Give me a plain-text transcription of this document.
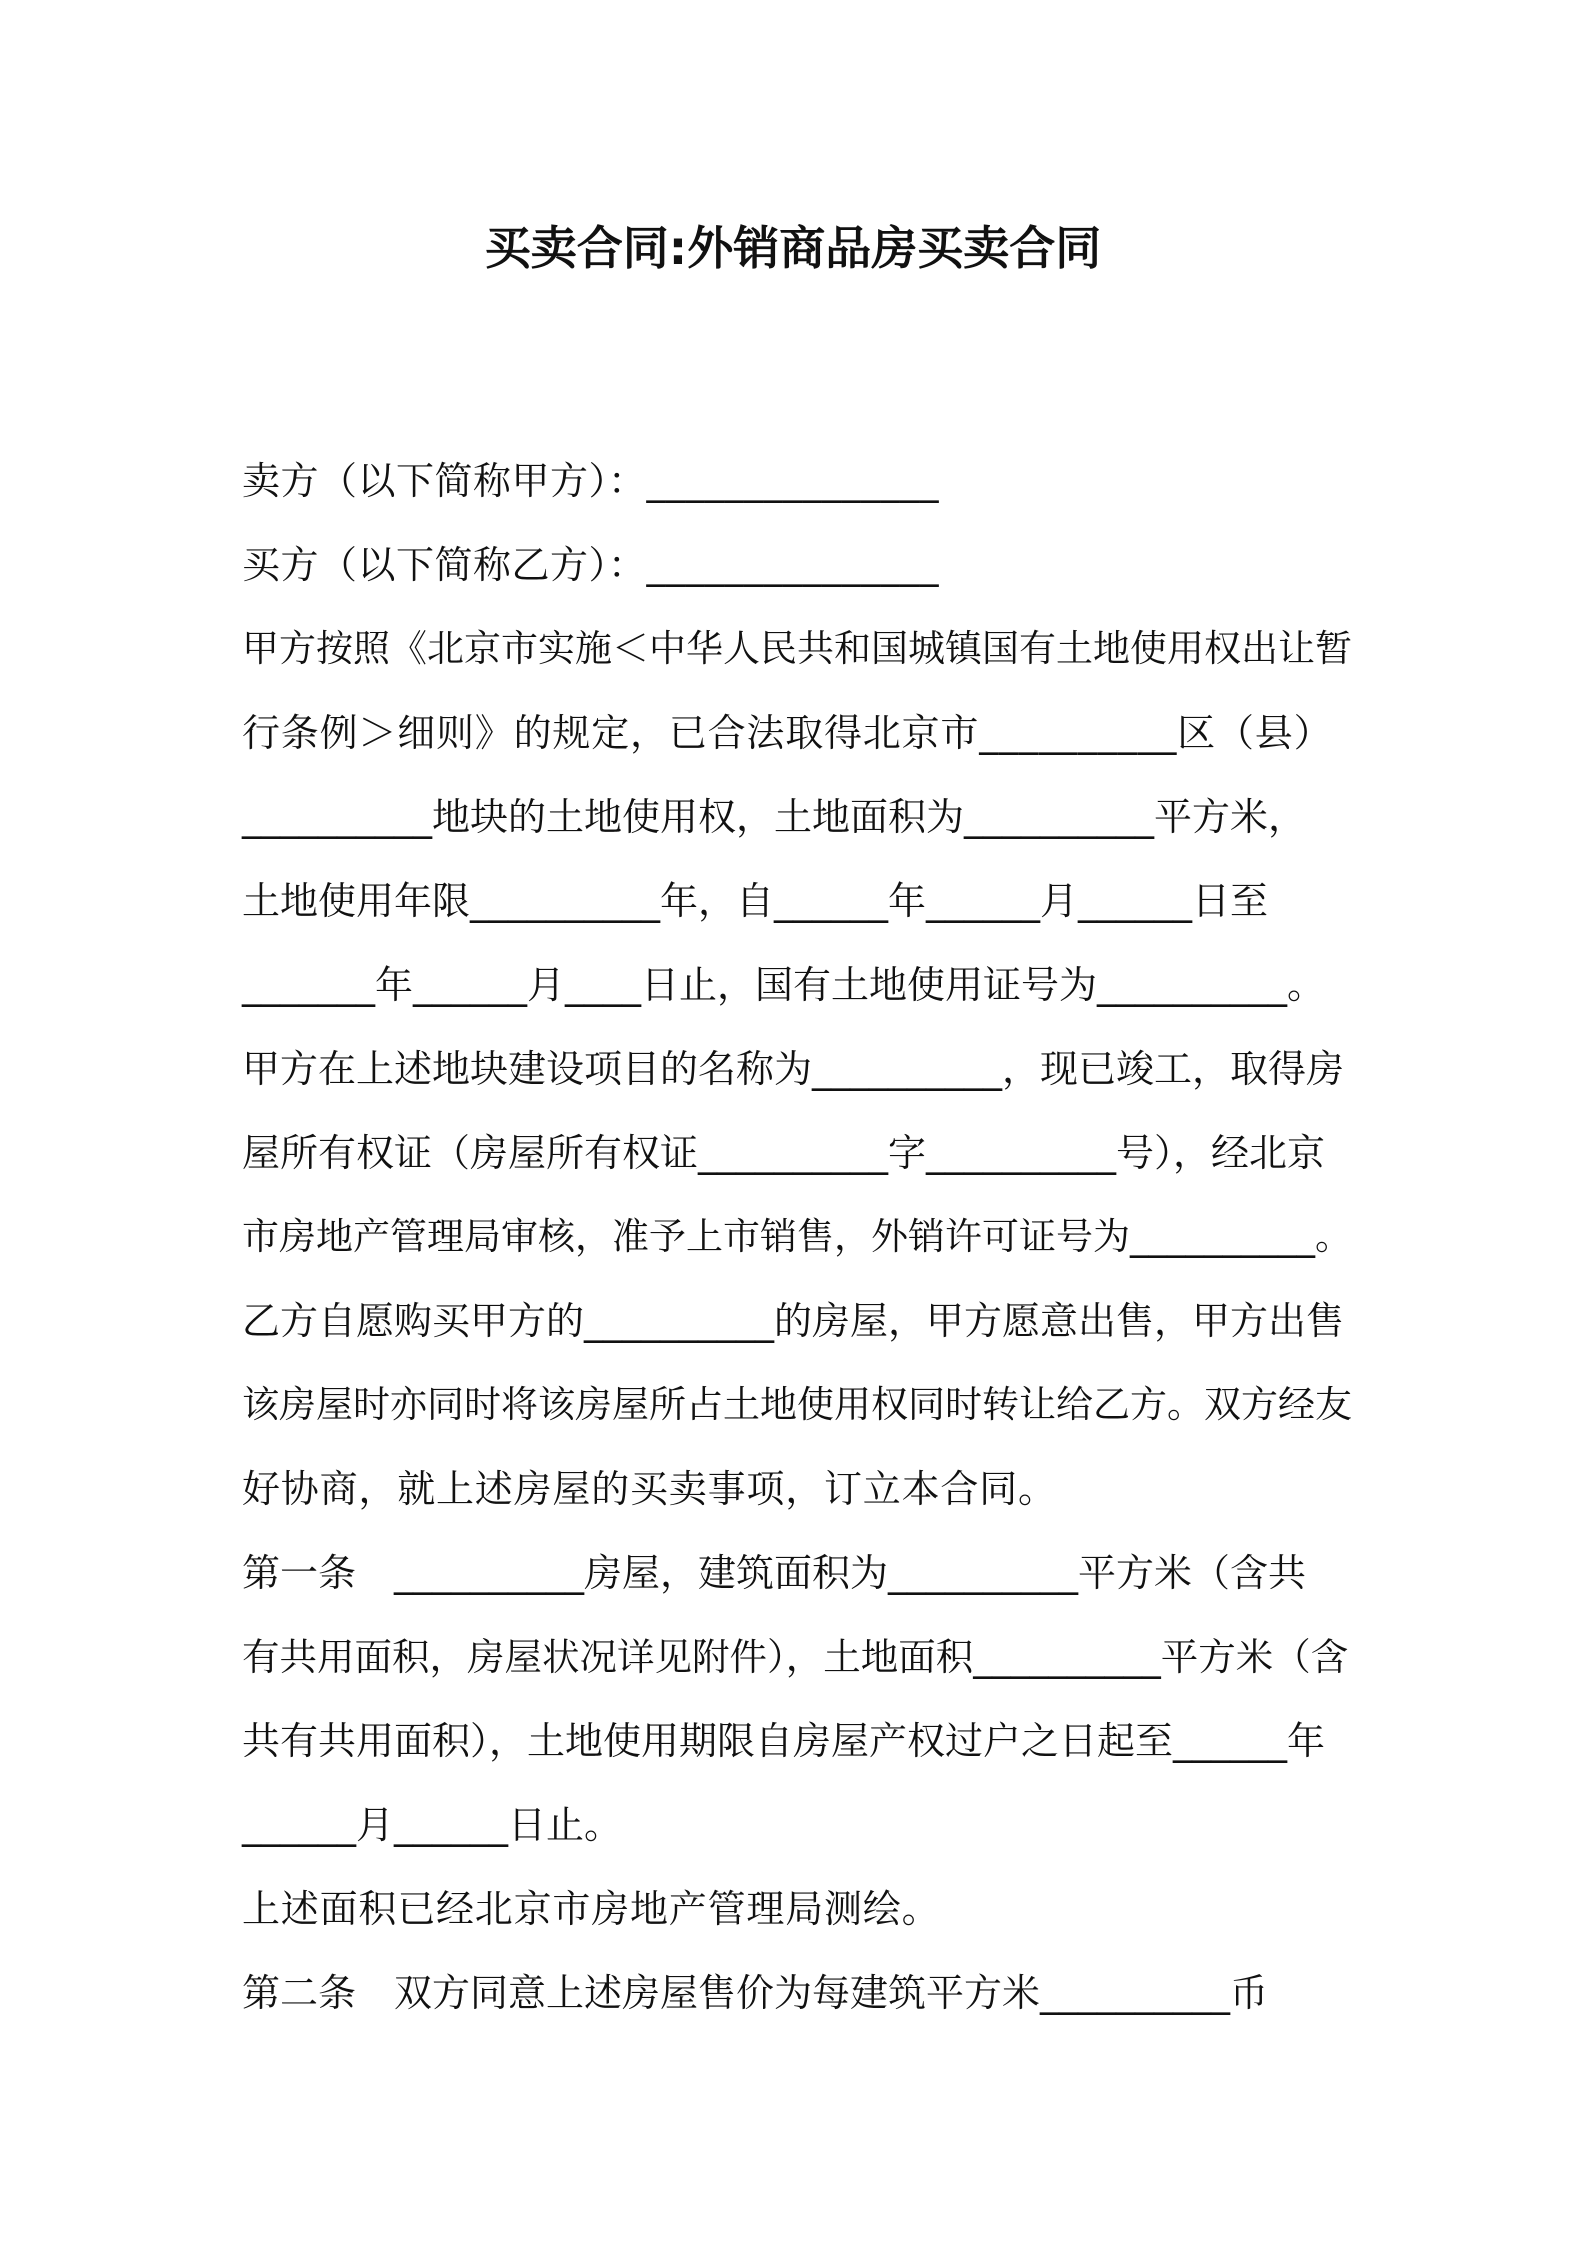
买卖合同:外销商品房买卖合同
卖方（以下简称甲方）：_______________
买方（以下简称乙方）：_______________
甲方按照《北京市实施＜中华人民共和国城镇国有土地使用权出让暂
行条例＞细则》的规定，已合法取得北京市__________区（县）
__________地块的土地使用权，土地面积为__________平方米，
土地使用年限__________年，自______年______月______日至
_______年______月____日止，国有土地使用证号为__________。
甲方在上述地块建设项目的名称为__________，现已竣工，取得房
屋所有权证（房屋所有权证__________字__________号），经北京
市房地产管理局审核，准予上市销售，外销许可证号为__________。
乙方自愿购买甲方的__________的房屋，甲方愿意出售，甲方出售
该房屋时亦同时将该房屋所占土地使用权同时转让给乙方。双方经友
好协商，就上述房屋的买卖事项，订立本合同。
第一条　__________房屋，建筑面积为__________平方米（含共
有共用面积，房屋状况详见附件），土地面积__________平方米（含
共有共用面积），土地使用期限自房屋产权过户之日起至______年
______月______日止。
上述面积已经北京市房地产管理局测绘。
第二条　双方同意上述房屋售价为每建筑平方米__________币
